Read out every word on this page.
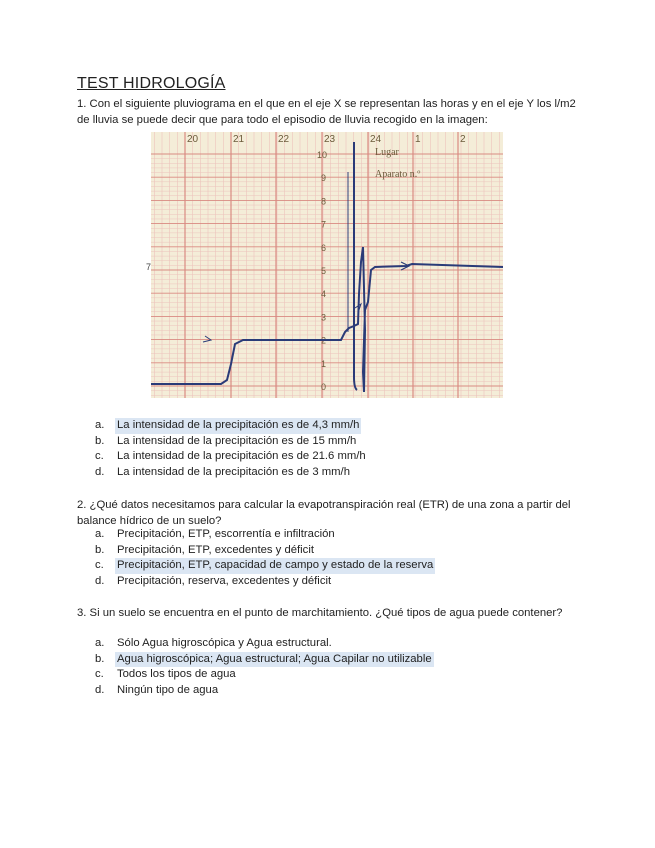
TEST HIDROLOGÍA
1. Con el siguiente pluviograma en el que en el eje X se representan las horas y en el eje Y los l/m2 de lluvia se puede decir que para todo el episodio de lluvia recogido en la imagen:
7
20	21	22	23	24	1	2
10
9
8
7
6
5
4
3
2
1
0
Lugar
Aparato n.º
a.	La intensidad de la precipitación es de 4,3 mm/h
b.	La intensidad de la precipitación es de 15 mm/h
c.	La intensidad de la precipitación es de 21.6 mm/h
d.	La intensidad de la precipitación es de 3 mm/h
2. ¿Qué datos necesitamos para calcular la evapotranspiración real (ETR) de una zona a partir del balance hídrico de un suelo?
a.	Precipitación, ETP, escorrentía e infiltración
b.	Precipitación, ETP, excedentes y déficit
c.	Precipitación, ETP, capacidad de campo y estado de la reserva
d.	Precipitación, reserva, excedentes y déficit
3. Si un suelo se encuentra en el punto de marchitamiento. ¿Qué tipos de agua puede contener?
a.	Sólo Agua higroscópica y Agua estructural.
b.	Agua higroscópica; Agua estructural; Agua Capilar no utilizable
c.	Todos los tipos de agua
d.	Ningún tipo de agua
